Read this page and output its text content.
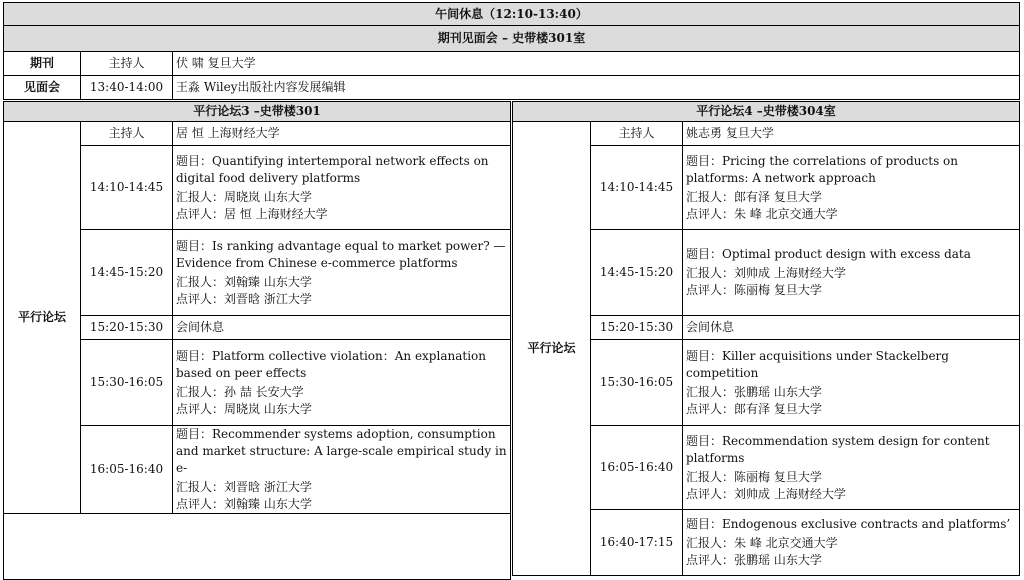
午间休息（12:10-13:40）		
期刊见面会 – 史带楼301室		
期刊	主持人	伏 啸 复旦大学
见面会	13:40-14:00	王淼 Wiley出版社内容发展编辑
平行论坛3 –史带楼301		
平行论坛	主持人	居 恒 上海财经大学
	14:10-14:45	题目：Quantifying intertemporal network effects on digital food delivery platforms
汇报人：周晓岚 山东大学
点评人：居 恒 上海财经大学

	14:45-15:20	题目：Is ranking advantage equal to market power? — Evidence from Chinese e-commerce platforms
汇报人：刘翰臻 山东大学
点评人：刘晋晗 浙江大学

	15:20-15:30	会间休息
	15:30-16:05	题目：Platform collective violation：An explanation based on peer effects
汇报人：孙 喆 长安大学
点评人：周晓岚 山东大学

	16:05-16:40	题目：Recommender systems adoption, consumption and market structure: A large-scale empirical study in e-
汇报人：刘晋晗 浙江大学
点评人：刘翰臻 山东大学

平行论坛4 –史带楼304室		
平行论坛	主持人	姚志勇 复旦大学
	14:10-14:45	题目：Pricing the correlations of products on platforms: A network approach
汇报人：郎有泽 复旦大学
点评人：朱 峰 北京交通大学

	14:45-15:20	题目：Optimal product design with excess data
汇报人：刘帅成 上海财经大学
点评人：陈丽梅 复旦大学

	15:20-15:30	会间休息
	15:30-16:05	题目：Killer acquisitions under Stackelberg competition
汇报人：张鹏瑶 山东大学
点评人：郎有泽 复旦大学

	16:05-16:40	题目：Recommendation system design for content platforms
汇报人：陈丽梅 复旦大学
点评人：刘帅成 上海财经大学

	16:40-17:15	题目：Endogenous exclusive contracts and platforms’
汇报人：朱 峰 北京交通大学
点评人：张鹏瑶 山东大学
